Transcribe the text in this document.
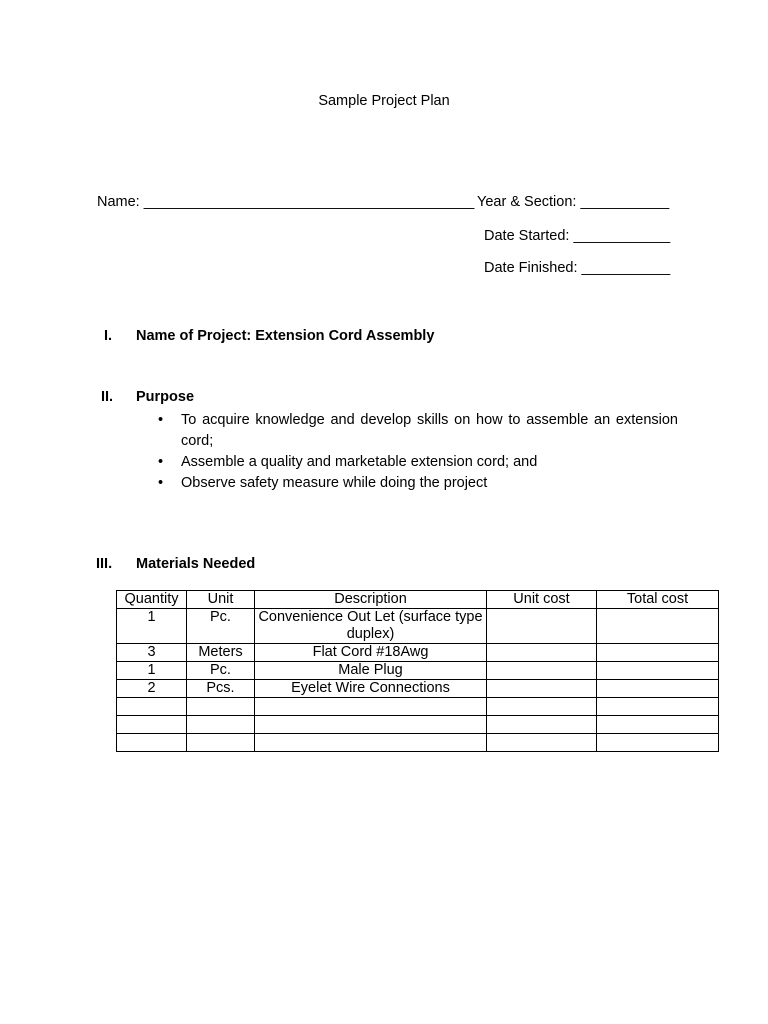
Sample Project Plan
Name: _________________________________________ Year & Section: ___________
Date Started: ____________
Date Finished: ___________
I. Name of Project: Extension Cord Assembly
II. Purpose
• To acquire knowledge and develop skills on how to assemble an extension cord;
• Assemble a quality and marketable extension cord; and
• Observe safety measure while doing the project
III. Materials Needed
Quantity	Unit	Description	Unit cost	Total cost
1	Pc.	Convenience Out Let (surface type duplex)		
3	Meters	Flat Cord #18Awg		
1	Pc.	Male Plug		
2	Pcs.	Eyelet Wire Connections		
